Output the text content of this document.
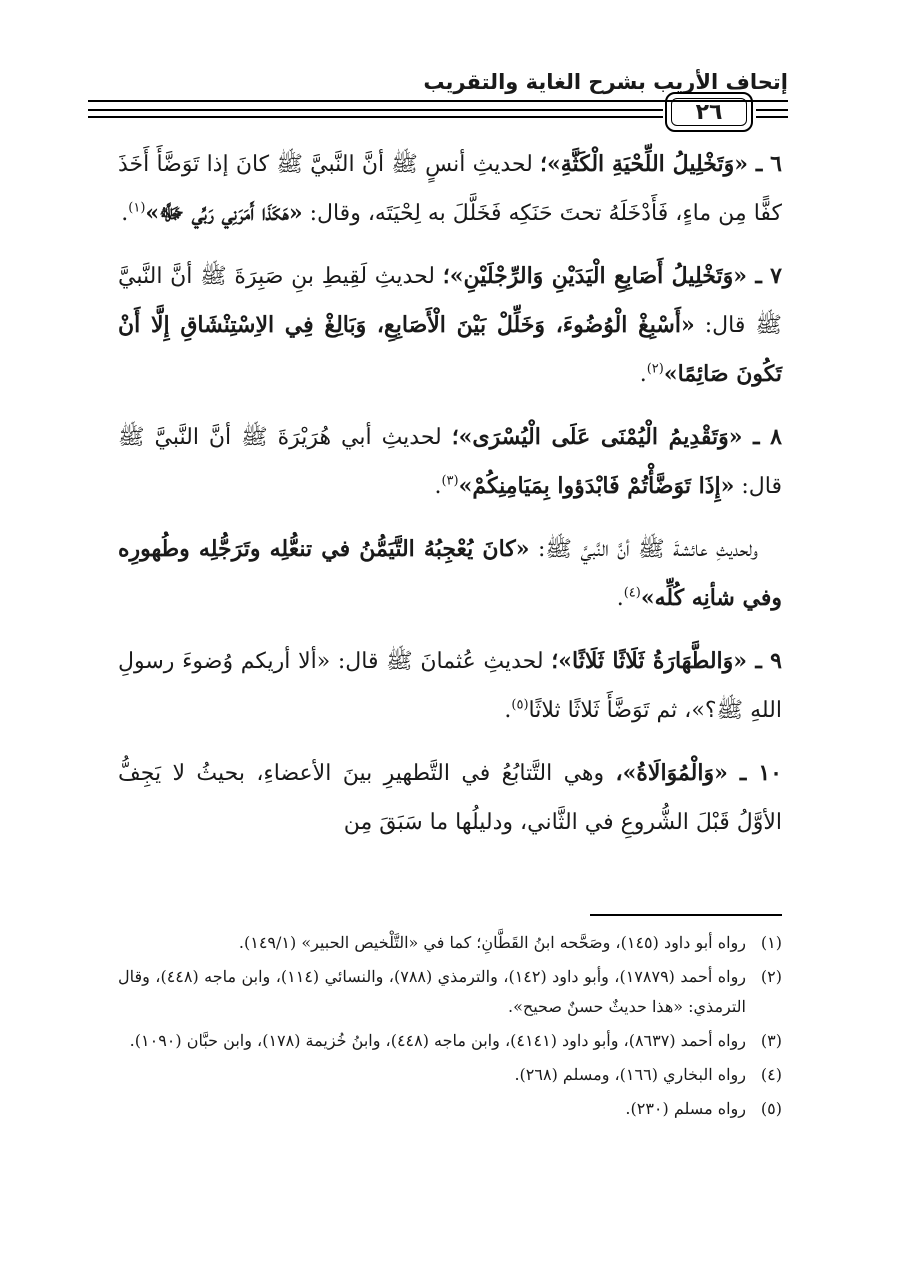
إتحاف الأريب بشرح الغاية والتقريب
٢٦

٦ ـ «وَتَخْلِيلُ اللِّحْيَةِ الْكَثَّةِ»؛ لحديثِ أنسٍ ﷺ أنَّ النَّبيَّ ﷺ كانَ إذا تَوَضَّأَ أَخَذَ كفًّا مِن ماءٍ، فَأَدْخَلَهُ تحتَ حَنَكِه فَخَلَّلَ به لِحْيَتَه، وقال: «هَكَذَا أَمَرَنِي رَبِّي ﷻ»$^{(١)}$.

٧ ـ «وَتَخْلِيلُ أَصَابِعِ الْيَدَيْنِ وَالرِّجْلَيْنِ»؛ لحديثِ لَقِيطِ بنِ صَبِرَةَ ﷺ أنَّ النَّبيَّ ﷺ قال: «أَسْبِغْ الْوُضُوءَ، وَخَلِّلْ بَيْنَ الْأَصَابِعِ، وَبَالِغْ فِي الاِسْتِنْشَاقِ إِلَّا أَنْ تَكُونَ صَائِمًا»$^{(٢)}$.

٨ ـ «وَتَقْدِيمُ الْيُمْنَى عَلَى الْيُسْرَى»؛ لحديثِ أبي هُرَيْرَةَ ﷺ أنَّ النَّبيَّ ﷺ قال: «إِذَا تَوَضَّأْتُمْ فَابْدَؤوا بِمَيَامِنِكُمْ»$^{(٣)}$.

ولحديثِ عائشةَ ﷺ أنَّ النَّبيَّ ﷺ: «كانَ يُعْجِبُهُ التَّيَمُّنُ في تنعُّلِه وتَرَجُّلِه وطُهورِه وفي شأنِه كُلِّه»$^{(٤)}$.

٩ ـ «وَالطَّهَارَةُ ثَلَاثًا ثَلَاثًا»؛ لحديثِ عُثمانَ ﷺ قال: «ألا أريكم وُضوءَ رسولِ اللهِ ﷺ؟»، ثم تَوَضَّأَ ثَلاثًا ثلاثًا$^{(٥)}$.

١٠ ـ «وَالْمُوَالَاةُ»، وهي التَّتابُعُ في التَّطهيرِ بينَ الأعضاءِ، بحيثُ لا يَجِفُّ الأوَّلُ قَبْلَ الشُّروعِ في الثَّاني، ودليلُها ما سَبَقَ مِن

(١)
رواه أبو داود (١٤٥)، وصَحَّحه ابنُ القَطَّانِ؛ كما في «التَّلْخيص الحبير» (١٤٩/١).
(٢)
رواه أحمد (١٧٨٧٩)، وأبو داود (١٤٢)، والترمذي (٧٨٨)، والنسائي (١١٤)، وابن ماجه (٤٤٨)، وقال الترمذي: «هذا حديثٌ حسنٌ صحيح».
(٣)
رواه أحمد (٨٦٣٧)، وأبو داود (٤١٤١)، وابن ماجه (٤٤٨)، وابنُ خُزيمة (١٧٨)، وابن حبَّان (١٠٩٠).
(٤)
رواه البخاري (١٦٦)، ومسلم (٢٦٨).
(٥)
رواه مسلم (٢٣٠).
